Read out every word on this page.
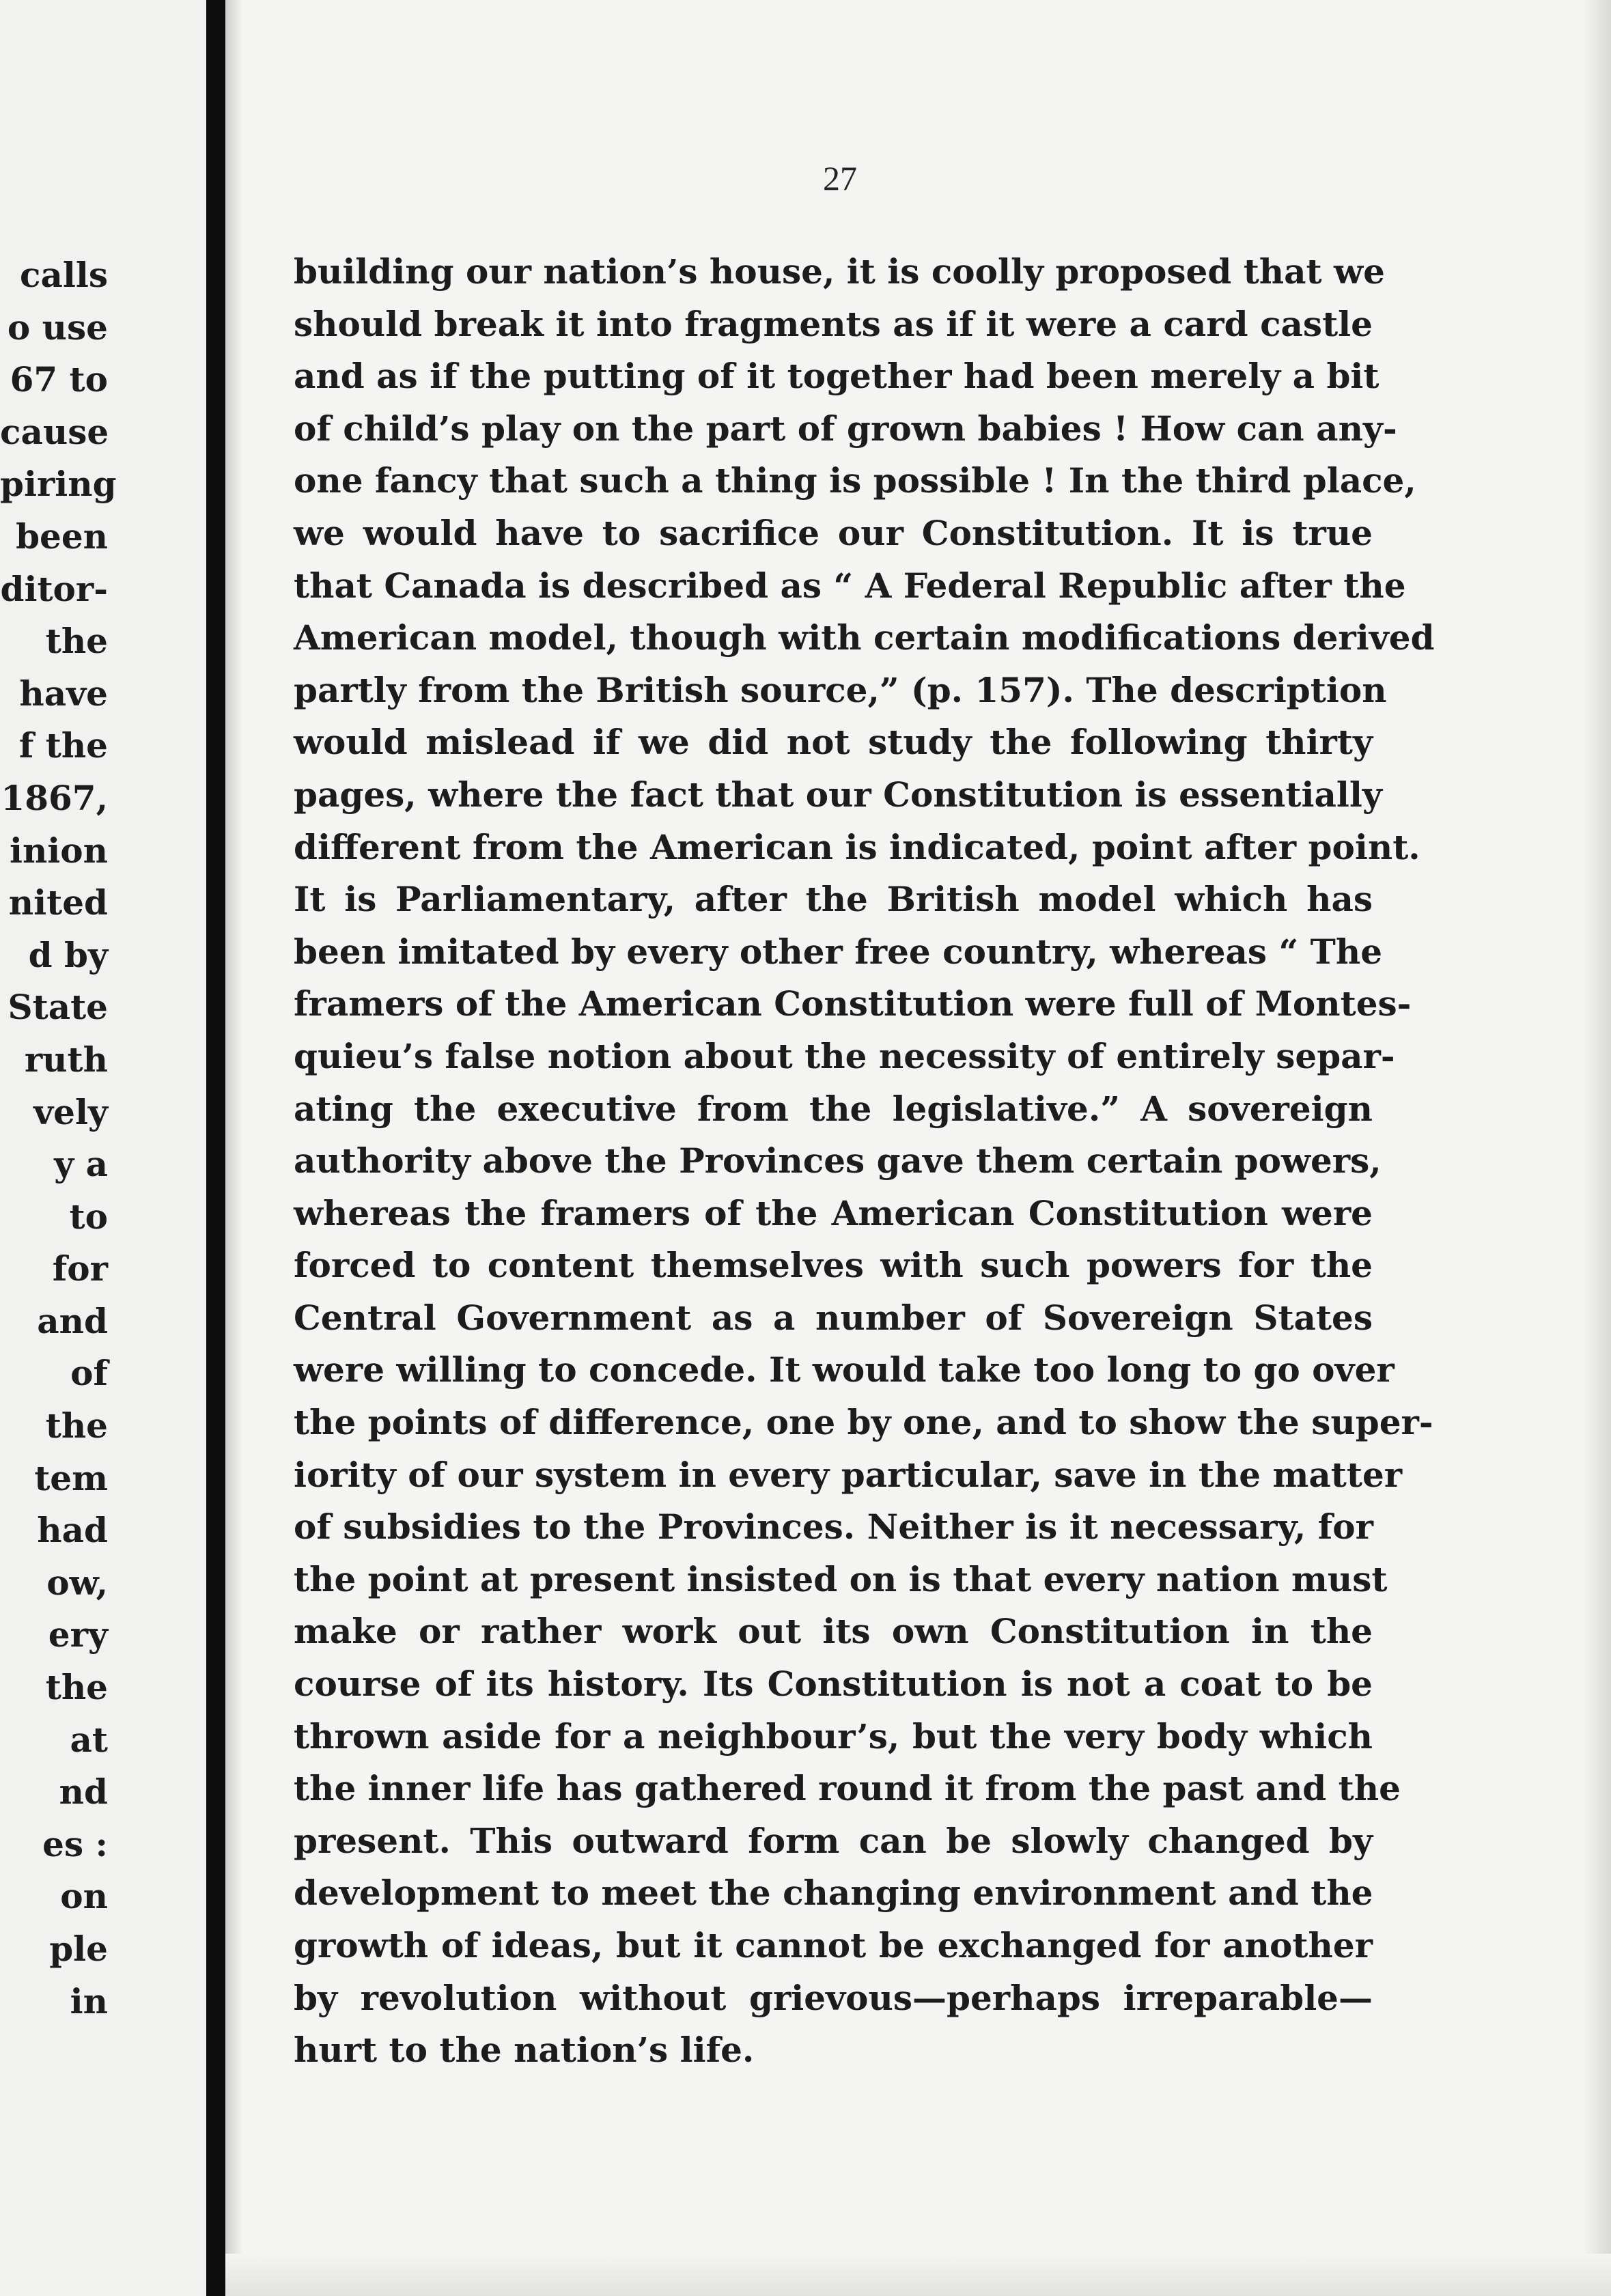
calls
o use
67 to
cause
piring
been
ditor-
the
have
f the
1867,
inion
nited
d by
State
ruth
vely
y a
to
for
and
of
the
tem
had
ow,
ery
the
at
nd
es :
on
ple
in
27
building our nation’s house, it is coolly proposed that we
should break it into fragments as if it were a card castle
and as if the putting of it together had been merely a bit
of child’s play on the part of grown babies ! How can any-
one fancy that such a thing is possible ! In the third place,
we would have to sacrifice our Constitution. It is true
that Canada is described as “ A Federal Republic after the
American model, though with certain modifications derived
partly from the British source,” (p. 157). The description
would mislead if we did not study the following thirty
pages, where the fact that our Constitution is essentially
different from the American is indicated, point after point.
It is Parliamentary, after the British model which has
been imitated by every other free country, whereas “ The
framers of the American Constitution were full of Montes-
quieu’s false notion about the necessity of entirely separ-
ating the executive from the legislative.” A sovereign
authority above the Provinces gave them certain powers,
whereas the framers of the American Constitution were
forced to content themselves with such powers for the
Central Government as a number of Sovereign States
were willing to concede. It would take too long to go over
the points of difference, one by one, and to show the super-
iority of our system in every particular, save in the matter
of subsidies to the Provinces. Neither is it necessary, for
the point at present insisted on is that every nation must
make or rather work out its own Constitution in the
course of its history. Its Constitution is not a coat to be
thrown aside for a neighbour’s, but the very body which
the inner life has gathered round it from the past and the
present. This outward form can be slowly changed by
development to meet the changing environment and the
growth of ideas, but it cannot be exchanged for another
by revolution without grievous—perhaps irreparable—
hurt to the nation’s life.
